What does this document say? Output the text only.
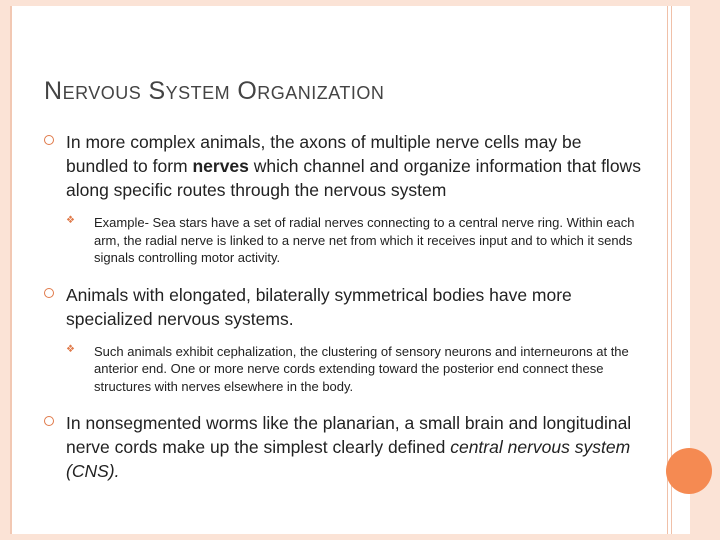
NERVOUS SYSTEM ORGANIZATION
In more complex animals, the axons of multiple nerve cells may be bundled to form nerves which channel and organize information that flows along specific routes through the nervous system
❖	Example- Sea stars have a set of radial nerves connecting to a central nerve ring. Within each arm, the radial nerve is linked to a nerve net from which it receives input and to which it sends signals controlling motor activity.
Animals with elongated, bilaterally symmetrical bodies have more specialized nervous systems.
❖	Such animals exhibit cephalization, the clustering of sensory neurons and interneurons at the anterior end. One or more nerve cords extending toward the posterior end connect these structures with nerves elsewhere in the body.
In nonsegmented worms like the planarian, a small brain and longitudinal nerve cords make up the simplest clearly defined central nervous system (CNS).
